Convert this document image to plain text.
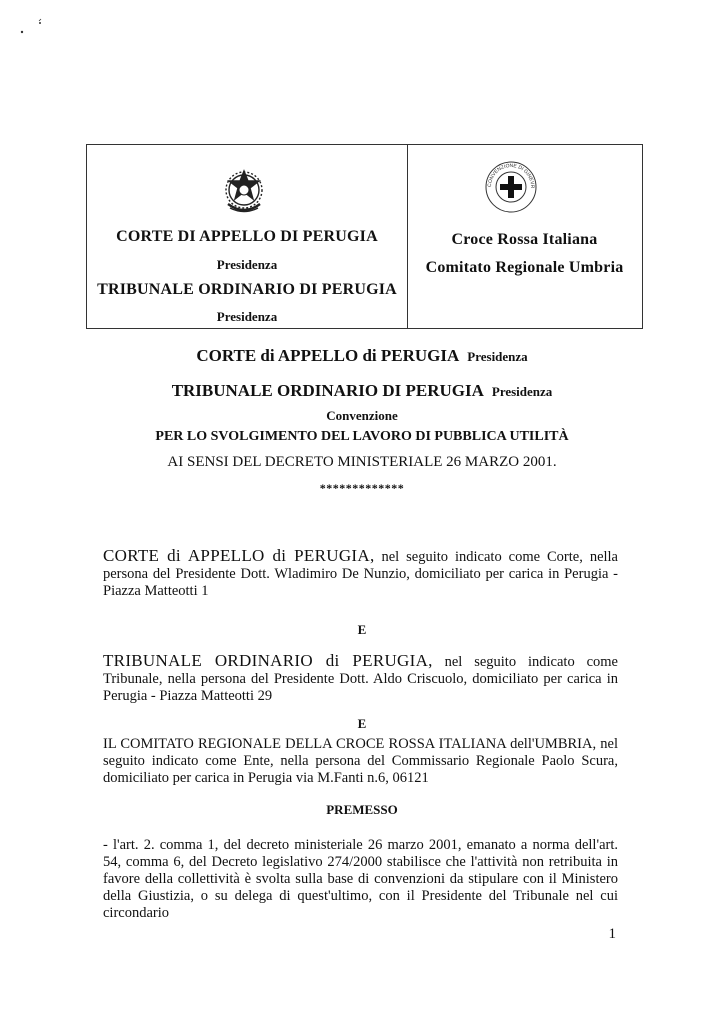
CONVENZIONE DI GINEVR
CORTE DI APPELLO DI PERUGIA
Presidenza
TRIBUNALE ORDINARIO DI PERUGIA
Presidenza
Croce Rossa Italiana
Comitato Regionale Umbria
CORTE di APPELLO di PERUGIA Presidenza
TRIBUNALE ORDINARIO DI PERUGIA Presidenza
Convenzione
PER LO SVOLGIMENTO DEL LAVORO DI PUBBLICA UTILITÀ
AI SENSI DEL DECRETO MINISTERIALE 26 MARZO 2001.
*************
CORTE di APPELLO di PERUGIA, nel seguito indicato come Corte, nella persona del Presidente Dott. Wladimiro De Nunzio, domiciliato per carica in Perugia - Piazza Matteotti 1
E
TRIBUNALE ORDINARIO di PERUGIA, nel seguito indicato come Tribunale, nella persona del Presidente Dott. Aldo Criscuolo, domiciliato per carica in Perugia - Piazza Matteotti 29
E
IL COMITATO REGIONALE DELLA CROCE ROSSA ITALIANA dell'UMBRIA, nel seguito indicato come Ente, nella persona del Commissario Regionale Paolo Scura, domiciliato per carica in Perugia via M.Fanti n.6, 06121
PREMESSO
- l'art. 2. comma 1, del decreto ministeriale 26 marzo 2001, emanato a norma dell'art. 54, comma 6, del Decreto legislativo 274/2000 stabilisce che l'attività non retribuita in favore della collettività è svolta sulla base di convenzioni da stipulare con il Ministero della Giustizia, o su delega di quest'ultimo, con il Presidente del Tribunale nel cui circondario
1
